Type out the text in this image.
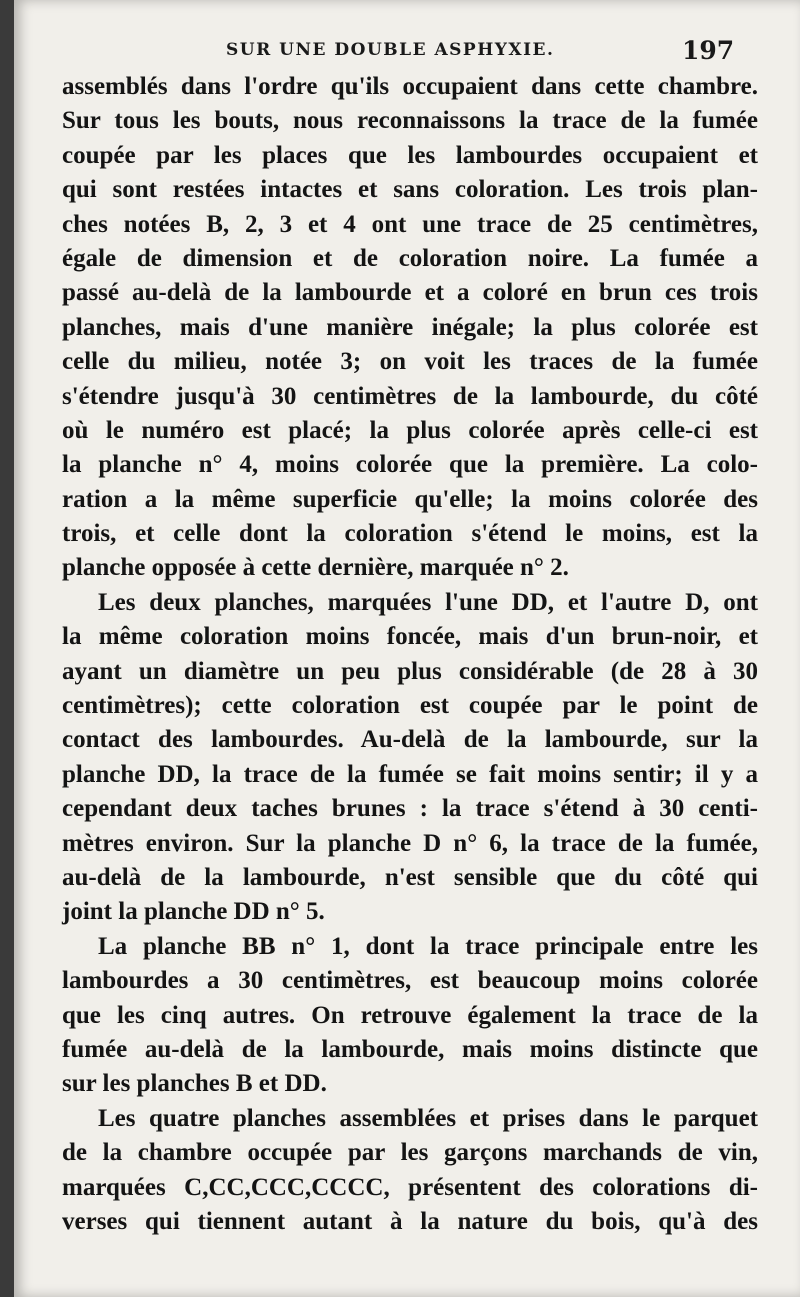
SUR UNE DOUBLE ASPHYXIE.	197
assemblés dans l'ordre qu'ils occupaient dans cette chambre.
Sur tous les bouts, nous reconnaissons la trace de la fumée
coupée par les places que les lambourdes occupaient et
qui sont restées intactes et sans coloration. Les trois plan-
ches notées B, 2, 3 et 4 ont une trace de 25 centimètres,
égale de dimension et de coloration noire. La fumée a
passé au-delà de la lambourde et a coloré en brun ces trois
planches, mais d'une manière inégale; la plus colorée est
celle du milieu, notée 3; on voit les traces de la fumée
s'étendre jusqu'à 30 centimètres de la lambourde, du côté
où le numéro est placé; la plus colorée après celle-ci est
la planche n° 4, moins colorée que la première. La colo-
ration a la même superficie qu'elle; la moins colorée des
trois, et celle dont la coloration s'étend le moins, est la
planche opposée à cette dernière, marquée n° 2.
Les deux planches, marquées l'une DD, et l'autre D, ont
la même coloration moins foncée, mais d'un brun-noir, et
ayant un diamètre un peu plus considérable (de 28 à 30
centimètres); cette coloration est coupée par le point de
contact des lambourdes. Au-delà de la lambourde, sur la
planche DD, la trace de la fumée se fait moins sentir; il y a
cependant deux taches brunes : la trace s'étend à 30 centi-
mètres environ. Sur la planche D n° 6, la trace de la fumée,
au-delà de la lambourde, n'est sensible que du côté qui
joint la planche DD n° 5.
La planche BB n° 1, dont la trace principale entre les
lambourdes a 30 centimètres, est beaucoup moins colorée
que les cinq autres. On retrouve également la trace de la
fumée au-delà de la lambourde, mais moins distincte que
sur les planches B et DD.
Les quatre planches assemblées et prises dans le parquet
de la chambre occupée par les garçons marchands de vin,
marquées C,CC,CCC,CCCC, présentent des colorations di-
verses qui tiennent autant à la nature du bois, qu'à des
